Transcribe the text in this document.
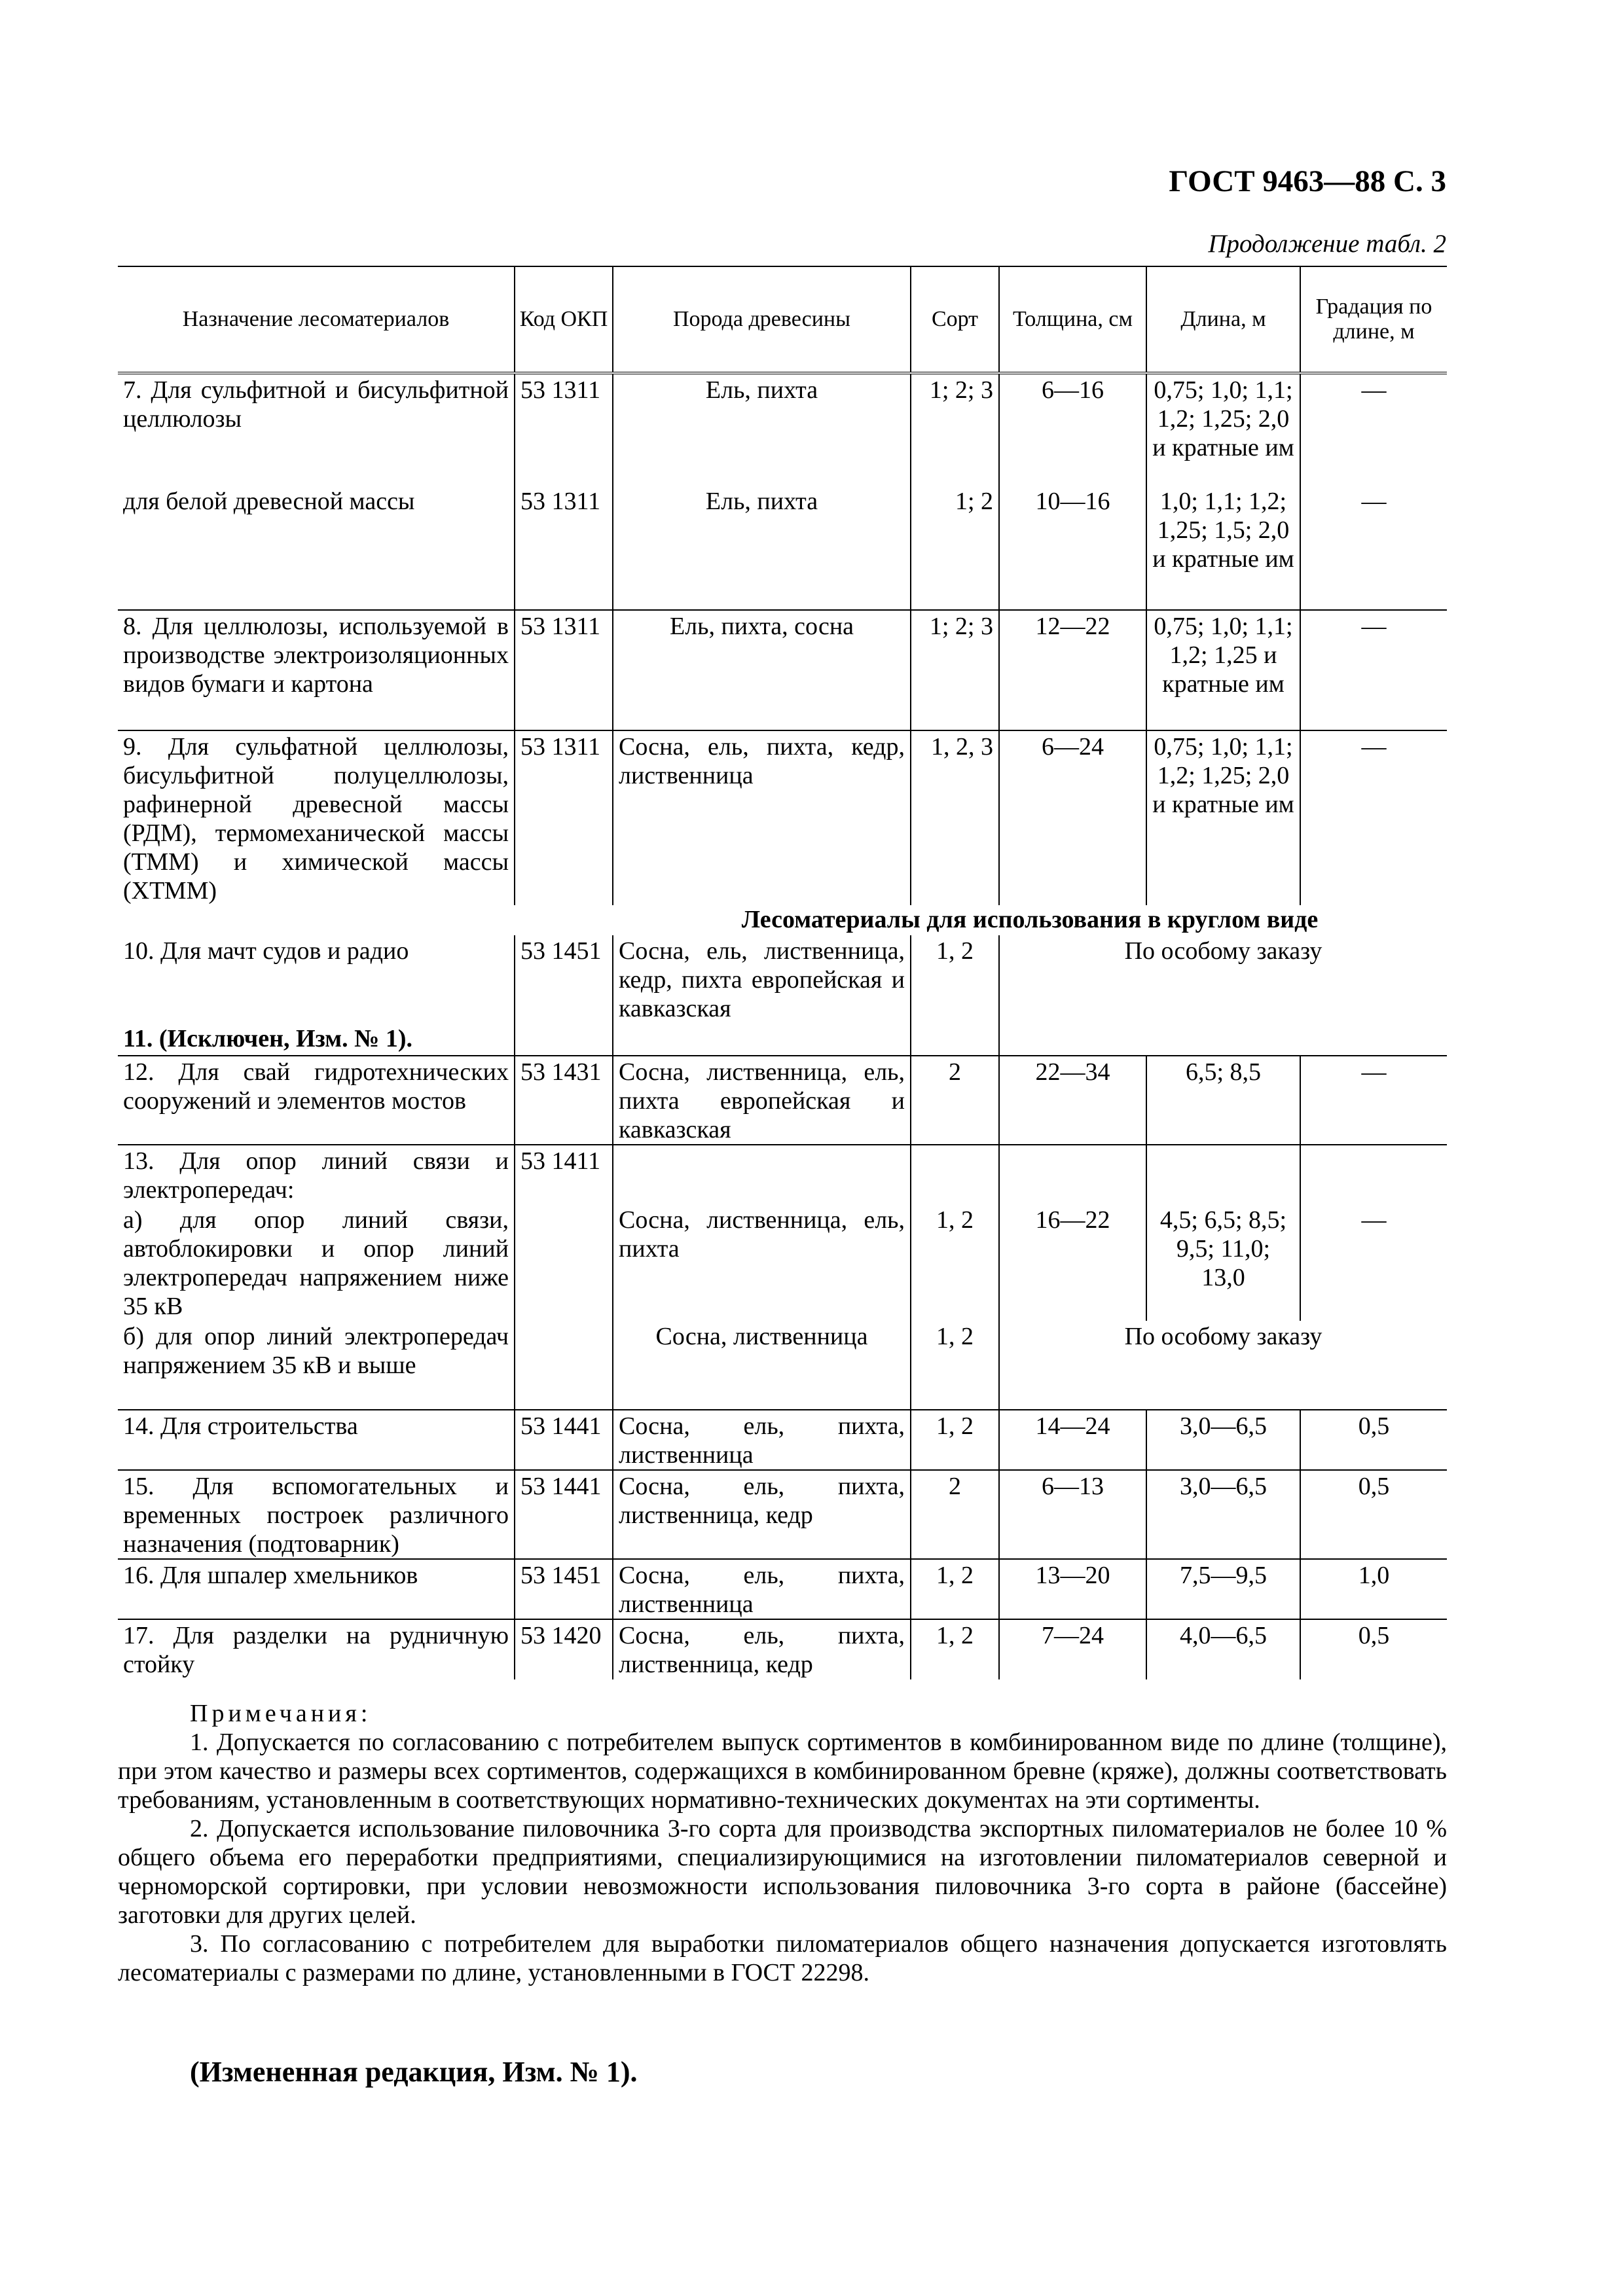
ГОСТ 9463—88 С. 3
Продолжение табл. 2
Назначение лесоматериалов	Код ОКП	Порода древесины	Сорт	Толщина, см	Длина, м	Градация по длине, м
7. Для сульфитной и бисульфитной целлюлозы	53 1311	Ель, пихта	1; 2; 3	6—16	0,75; 1,0; 1,1; 1,2; 1,25; 2,0 и кратные им	—
для белой древесной массы	53 1311	Ель, пихта	1; 2	10—16	1,0; 1,1; 1,2; 1,25; 1,5; 2,0 и кратные им	—
8. Для целлюлозы, используемой в производстве электроизоляционных видов бумаги и картона	53 1311	Ель, пихта, сосна	1; 2; 3	12—22	0,75; 1,0; 1,1; 1,2; 1,25 и кратные им	—
9. Для сульфатной целлюлозы, бисульфитной полуцеллюлозы, рафинерной древесной массы (РДМ), термомеханической массы (ТММ) и химической массы (ХТММ)	53 1311	Сосна, ель, пихта, кедр, лиственница	1, 2, 3	6—24	0,75; 1,0; 1,1; 1,2; 1,25; 2,0 и кратные им	—
		Лесоматериалы для использования в круглом виде				
10. Для мачт судов и радио	53 1451	Сосна, ель, лиственница, кедр, пихта европейская и кавказская	1, 2	По особому заказу		
11. (Исключен, Изм. № 1).						
12. Для свай гидротехнических сооружений и элементов мостов	53 1431	Сосна, лиственница, ель, пихта европейская и кавказская	2	22—34	6,5; 8,5	—
13. Для опор линий связи и электропередач:	53 1411					
а) для опор линий связи, автоблокировки и опор линий электропередач напряжением ниже 35 кВ		Сосна, лиственница, ель, пихта	1, 2	16—22	4,5; 6,5; 8,5; 9,5; 11,0; 13,0	—
б) для опор линий электропередач напряжением 35 кВ и выше		Сосна, лиственница	1, 2	По особому заказу		
14. Для строительства	53 1441	Сосна, ель, пихта, лиственница	1, 2	14—24	3,0—6,5	0,5
15. Для вспомогательных и временных построек различного назначения (подтоварник)	53 1441	Сосна, ель, пихта, лиственница, кедр	2	6—13	3,0—6,5	0,5
16. Для шпалер хмельников	53 1451	Сосна, ель, пихта, лиственница	1, 2	13—20	7,5—9,5	1,0
17. Для разделки на рудничную стойку	53 1420	Сосна, ель, пихта, лиственница, кедр	1, 2	7—24	4,0—6,5	0,5
Примечания:

1. Допускается по согласованию с потребителем выпуск сортиментов в комбинированном виде по длине (толщине), при этом качество и размеры всех сортиментов, содержащихся в комбинированном бревне (кряже), должны соответствовать требованиям, установленным в соответствующих нормативно-технических документах на эти сортименты.

2. Допускается использование пиловочника 3-го сорта для производства экспортных пиломатериалов не более 10 % общего объема его переработки предприятиями, специализирующимися на изготовлении пиломатериалов северной и черноморской сортировки, при условии невозможности использования пиловочника 3-го сорта в районе (бассейне) заготовки для других целей.

3. По согласованию с потребителем для выработки пиломатериалов общего назначения допускается изготовлять лесоматериалы с размерами по длине, установленными в ГОСТ 22298.

(Измененная редакция, Изм. № 1).
